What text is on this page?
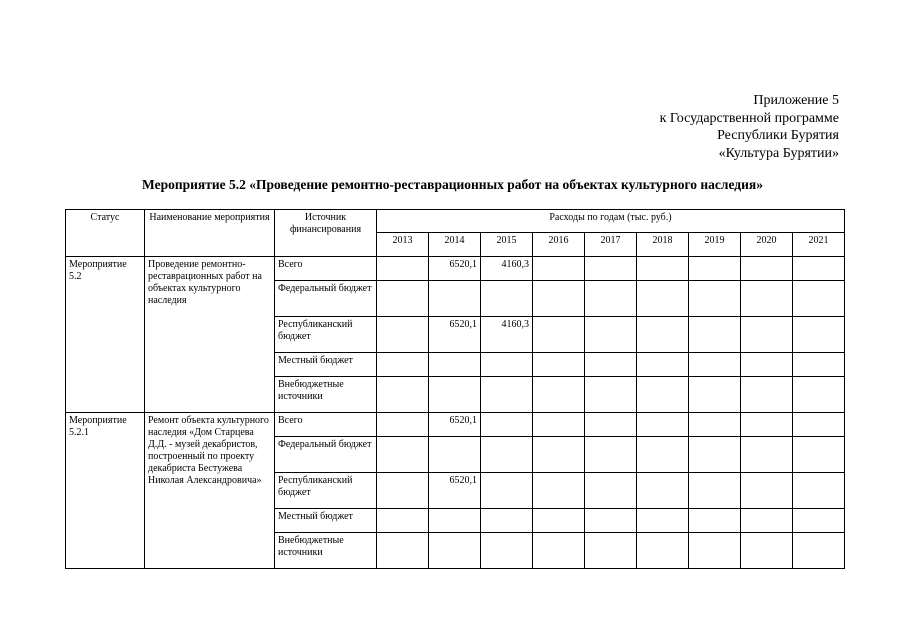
Приложение 5
к Государственной программе
Республики Бурятия
«Культура Бурятии»
Мероприятие 5.2 «Проведение ремонтно-реставрационных работ на объектах культурного наследия»
Статус	Наименование мероприятия	Источник финансирования	Расходы по годам (тыс. руб.)								
			2013	2014	2015	2016	2017	2018	2019	2020	2021
Мероприятие 5.2	Проведение ремонтно-реставрационных работ на объектах культурного наследия	Всего		6520,1	4160,3						
		Федеральный бюджет									
		Республиканский бюджет		6520,1	4160,3						
		Местный бюджет									
		Внебюджетные источники									
Мероприятие 5.2.1	Ремонт объекта культурного наследия «Дом Старцева Д.Д. - музей декабристов, построенный по проекту декабриста Бестужева Николая Александровича»	Всего		6520,1							
		Федеральный бюджет									
		Республиканский бюджет		6520,1							
		Местный бюджет									
		Внебюджетные источники									
